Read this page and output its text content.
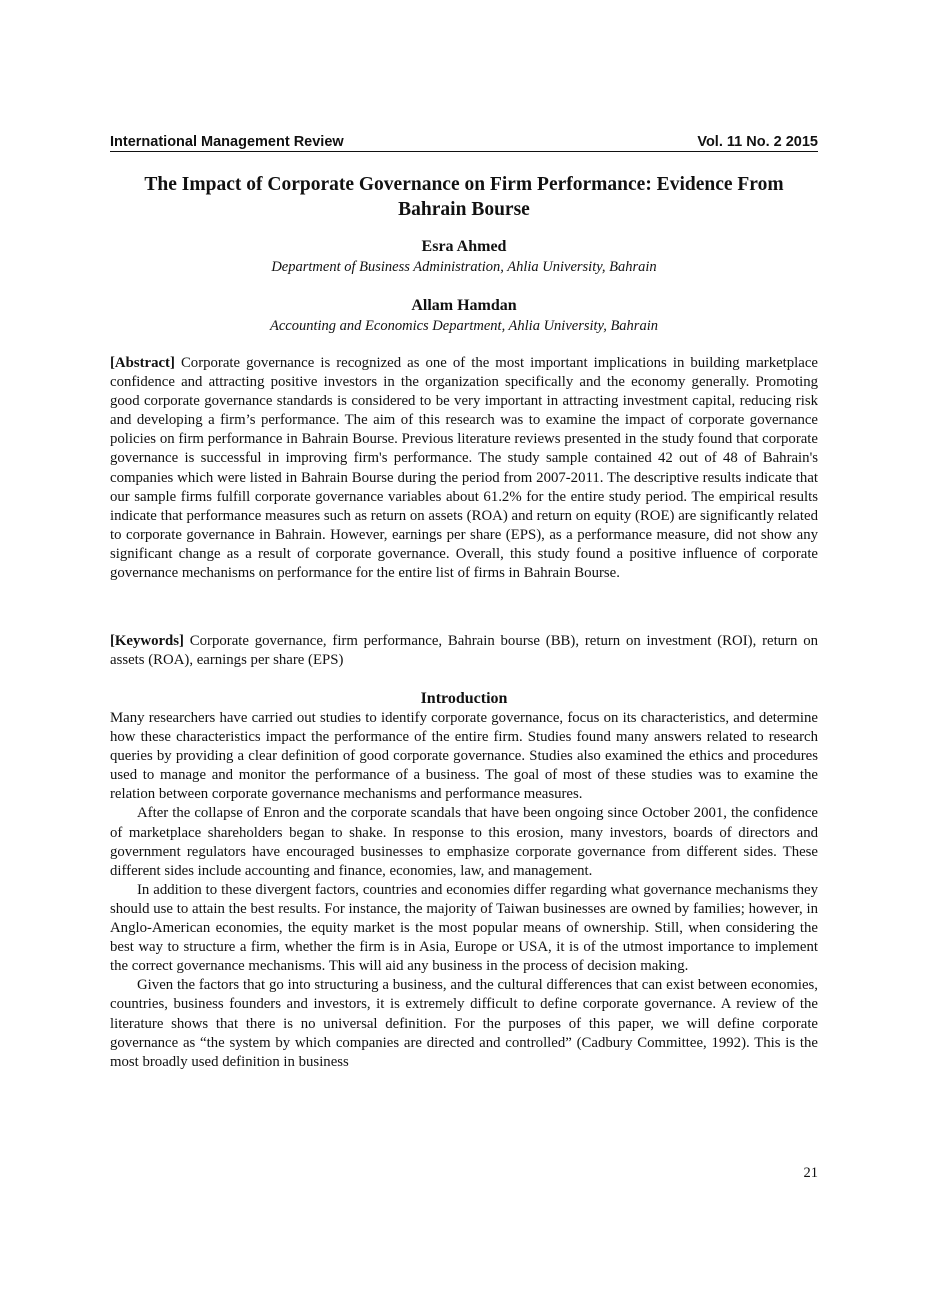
International Management Review	Vol. 11 No. 2 2015
The Impact of Corporate Governance on Firm Performance: Evidence From Bahrain Bourse
Esra Ahmed
Department of Business Administration, Ahlia University, Bahrain
Allam Hamdan
Accounting and Economics Department, Ahlia University, Bahrain

[Abstract] Corporate governance is recognized as one of the most important implications in building marketplace confidence and attracting positive investors in the organization specifically and the economy generally. Promoting good corporate governance standards is considered to be very important in attracting investment capital, reducing risk and developing a firm’s performance. The aim of this research was to examine the impact of corporate governance policies on firm performance in Bahrain Bourse. Previous literature reviews presented in the study found that corporate governance is successful in improving firm's performance. The study sample contained 42 out of 48 of Bahrain's companies which were listed in Bahrain Bourse during the period from 2007-2011. The descriptive results indicate that our sample firms fulfill corporate governance variables about 61.2% for the entire study period. The empirical results indicate that performance measures such as return on assets (ROA) and return on equity (ROE) are significantly related to corporate governance in Bahrain. However, earnings per share (EPS), as a performance measure, did not show any significant change as a result of corporate governance. Overall, this study found a positive influence of corporate governance mechanisms on performance for the entire list of firms in Bahrain Bourse.

[Keywords] Corporate governance, firm performance, Bahrain bourse (BB), return on investment (ROI), return on assets (ROA), earnings per share (EPS)

Introduction

Many researchers have carried out studies to identify corporate governance, focus on its characteristics, and determine how these characteristics impact the performance of the entire firm. Studies found many answers related to research queries by providing a clear definition of good corporate governance. Studies also examined the ethics and procedures used to manage and monitor the performance of a business. The goal of most of these studies was to examine the relation between corporate governance mechanisms and performance measures.

After the collapse of Enron and the corporate scandals that have been ongoing since October 2001, the confidence of marketplace shareholders began to shake. In response to this erosion, many investors, boards of directors and government regulators have encouraged businesses to emphasize corporate governance from different sides. These different sides include accounting and finance, economies, law, and management.

In addition to these divergent factors, countries and economies differ regarding what governance mechanisms they should use to attain the best results. For instance, the majority of Taiwan businesses are owned by families; however, in Anglo-American economies, the equity market is the most popular means of ownership. Still, when considering the best way to structure a firm, whether the firm is in Asia, Europe or USA, it is of the utmost importance to implement the correct governance mechanisms. This will aid any business in the process of decision making.

Given the factors that go into structuring a business, and the cultural differences that can exist between economies, countries, business founders and investors, it is extremely difficult to define corporate governance. A review of the literature shows that there is no universal definition. For the purposes of this paper, we will define corporate governance as “the system by which companies are directed and controlled” (Cadbury Committee, 1992). This is the most broadly used definition in business

21
